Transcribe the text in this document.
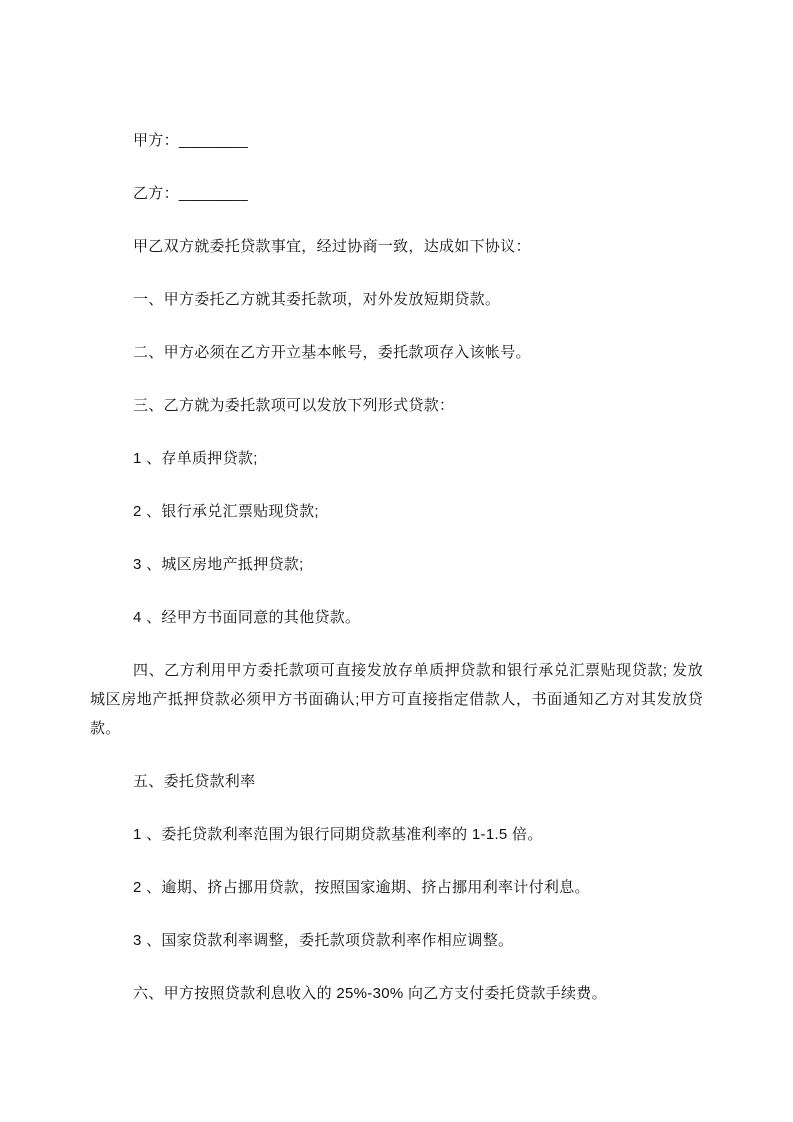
甲方：________

乙方：________

甲乙双方就委托贷款事宜，经过协商一致，达成如下协议：

一、甲方委托乙方就其委托款项，对外发放短期贷款。

二、甲方必须在乙方开立基本帐号，委托款项存入该帐号。

三、乙方就为委托款项可以发放下列形式贷款：

1 、存单质押贷款;

2 、银行承兑汇票贴现贷款;

3 、城区房地产抵押贷款;

4 、经甲方书面同意的其他贷款。

四、乙方利用甲方委托款项可直接发放存单质押贷款和银行承兑汇票贴现贷款; 发放城区房地产抵押贷款必须甲方书面确认;甲方可直接指定借款人，书面通知乙方对其发放贷款。

五、委托贷款利率

1 、委托贷款利率范围为银行同期贷款基准利率的 1-1.5 倍。

2 、逾期、挤占挪用贷款，按照国家逾期、挤占挪用利率计付利息。

3 、国家贷款利率调整，委托款项贷款利率作相应调整。

六、甲方按照贷款利息收入的 25%-30% 向乙方支付委托贷款手续费。
